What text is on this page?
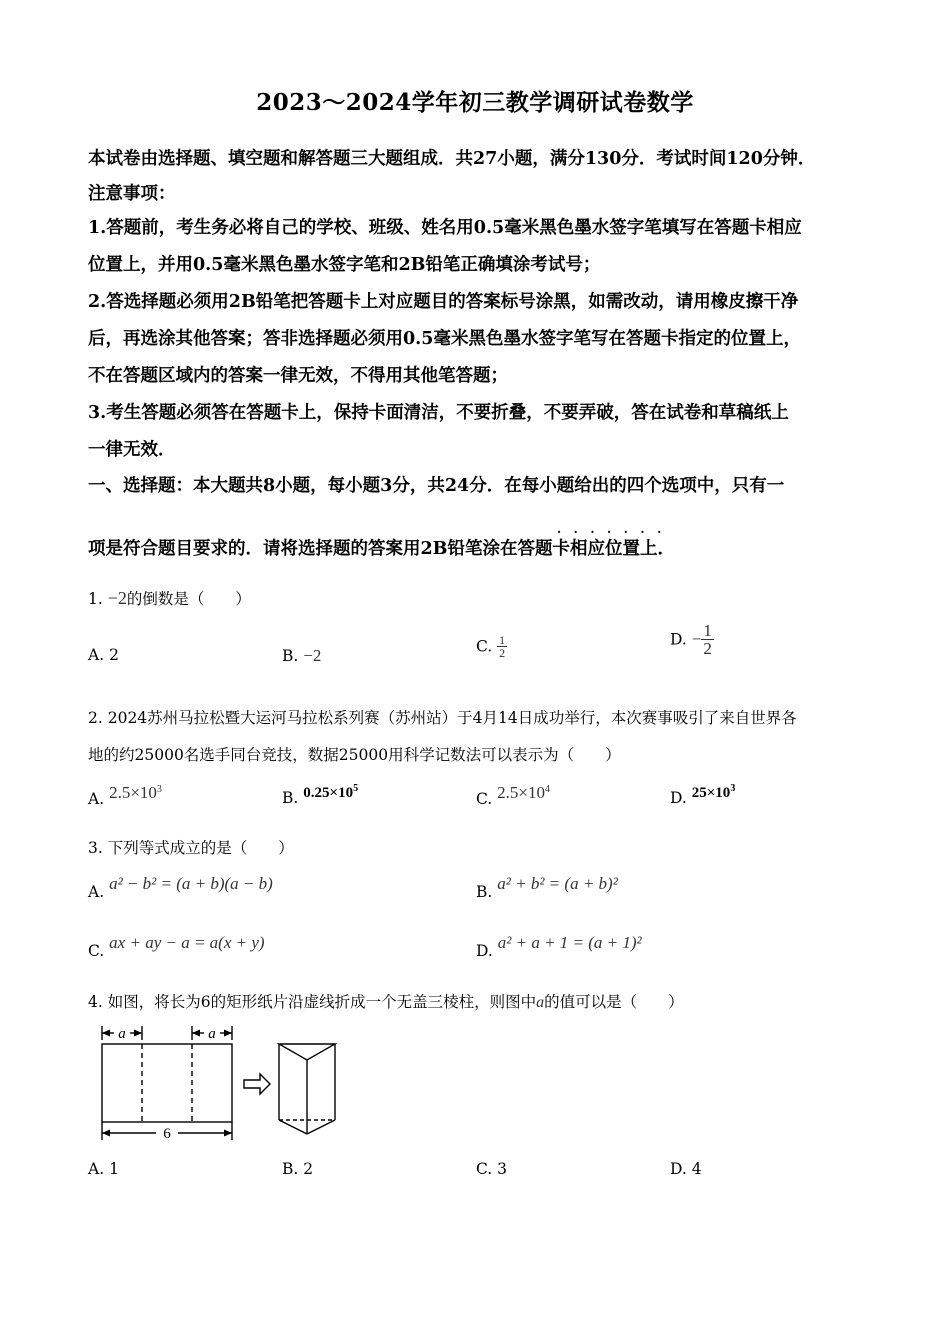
2023～2024学年初三教学调研试卷数学
本试卷由选择题、填空题和解答题三大题组成．共27小题，满分130分．考试时间120分钟．
注意事项：
1.答题前，考生务必将自己的学校、班级、姓名用0.5毫米黑色墨水签字笔填写在答题卡相应
位置上，并用0.5毫米黑色墨水签字笔和2B铅笔正确填涂考试号；
2.答选择题必须用2B铅笔把答题卡上对应题目的答案标号涂黑，如需改动，请用橡皮擦干净
后，再选涂其他答案；答非选择题必须用0.5毫米黑色墨水签字笔写在答题卡指定的位置上，
不在答题区域内的答案一律无效，不得用其他笔答题；
3.考生答题必须答在答题卡上，保持卡面清洁，不要折叠，不要弄破，答在试卷和草稿纸上
一律无效．
一、选择题：本大题共8小题，每小题3分，共24分．在每小题给出的四个选项中，只有一
·······
项是符合题目要求的．请将选择题的答案用2B铅笔涂在答题卡相应位置上．
1. −2的倒数是（　　）
A. 2	B. −2	C. $\frac{1}{2}$	D. − $\frac{1}{2}$
2. 2024苏州马拉松暨大运河马拉松系列赛（苏州站）于4月14日成功举行，本次赛事吸引了来自世界各
地的约25000名选手同台竞技，数据25000用科学记数法可以表示为（　　）
A. $2.5\times 10^3$	B. $0.25\times 10^5$
C. $2.5\times 10^4$	D. $25\times 10^3$
3. 下列等式成立的是（　　）
A. a² − b² = (a + b)(a − b)	B. a² + b² = (a + b)²
C. ax + ay − a = a(x + y)	D. a² + a + 1 = (a + 1)²
4. 如图，将长为6的矩形纸片沿虚线折成一个无盖三棱柱，则图中a的值可以是（　　）
a	a
6
A. 1	B. 2	C. 3	D. 4
